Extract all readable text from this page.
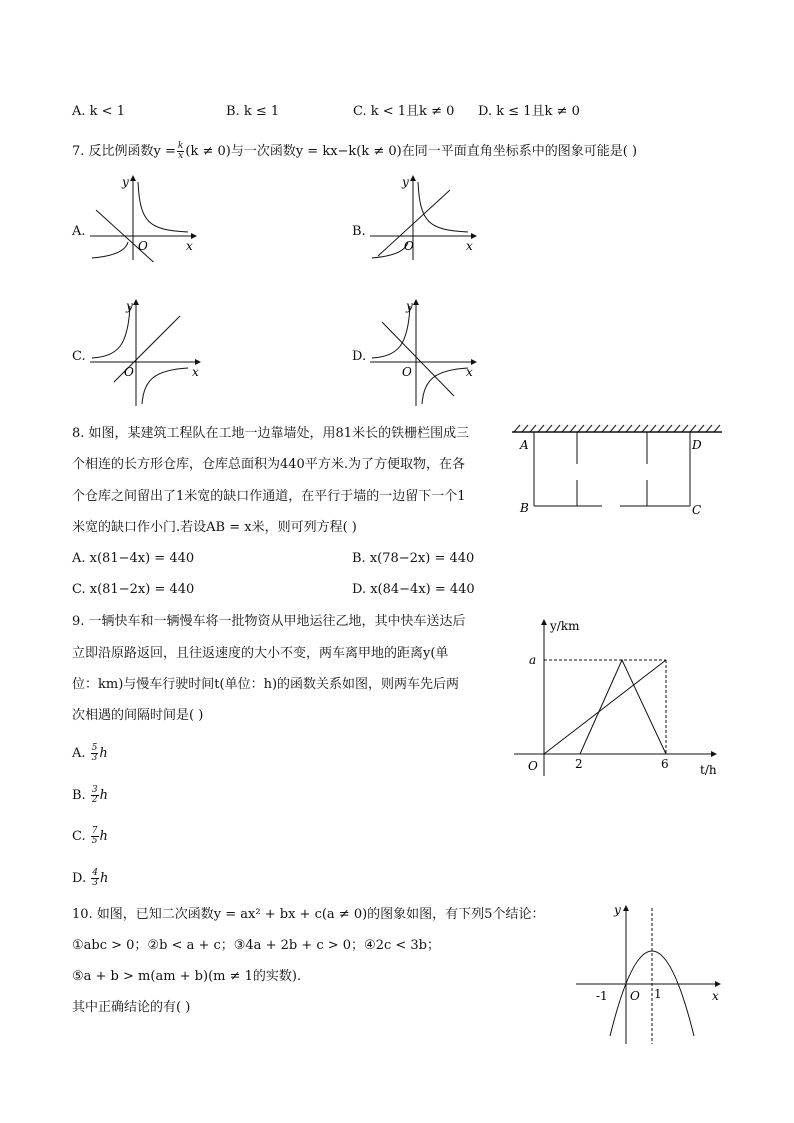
A. k < 1	B. k ≤ 1	C. k < 1且k ≠ 0 D. k ≤ 1且k ≠ 0
7. 反比例函数$y = \frac{k}{x} (k \ne 0)$与一次函数y = kx−k(k ≠ 0)在同一平面直角坐标系中的图象可能是( )
A.
y
x
O
B.
y
x
O
C.
y
x
O
D.
y
x
O
8. 如图，某建筑工程队在工地一边靠墙处，用81米长的铁栅栏围成三
个相连的长方形仓库，仓库总面积为440平方米.为了方便取物，在各
个仓库之间留出了1米宽的缺口作通道，在平行于墙的一边留下一个1
米宽的缺口作小门.若设AB = x米，则可列方程( )
A. x(81−4x) = 440	B. x(78−2x) = 440
C. x(81−2x) = 440	D. x(84−4x) = 440
A	D
B	C
9. 一辆快车和一辆慢车将一批物资从甲地运往乙地，其中快车送达后
立即沿原路返回，且往返速度的大小不变，两车离甲地的距离y(单
位：km)与慢车行驶时间t(单位：h)的函数关系如图，则两车先后两
次相遇的间隔时间是( )
A. $\frac{5}{3}$ h
B. $\frac{3}{2}$ h
C. $\frac{7}{5}$ h
D. $\frac{4}{3}$ h
y/km
t/h
a
O	2	6
10. 如图，已知二次函数y = ax² + bx + c(a ≠ 0)的图象如图，有下列5个结论：
①abc > 0；②b < a + c；③4a + 2b + c > 0；④2c < 3b；
⑤a + b > m(am + b)(m ≠ 1的实数).
其中正确结论的有( )
y
x
O
-1	1
